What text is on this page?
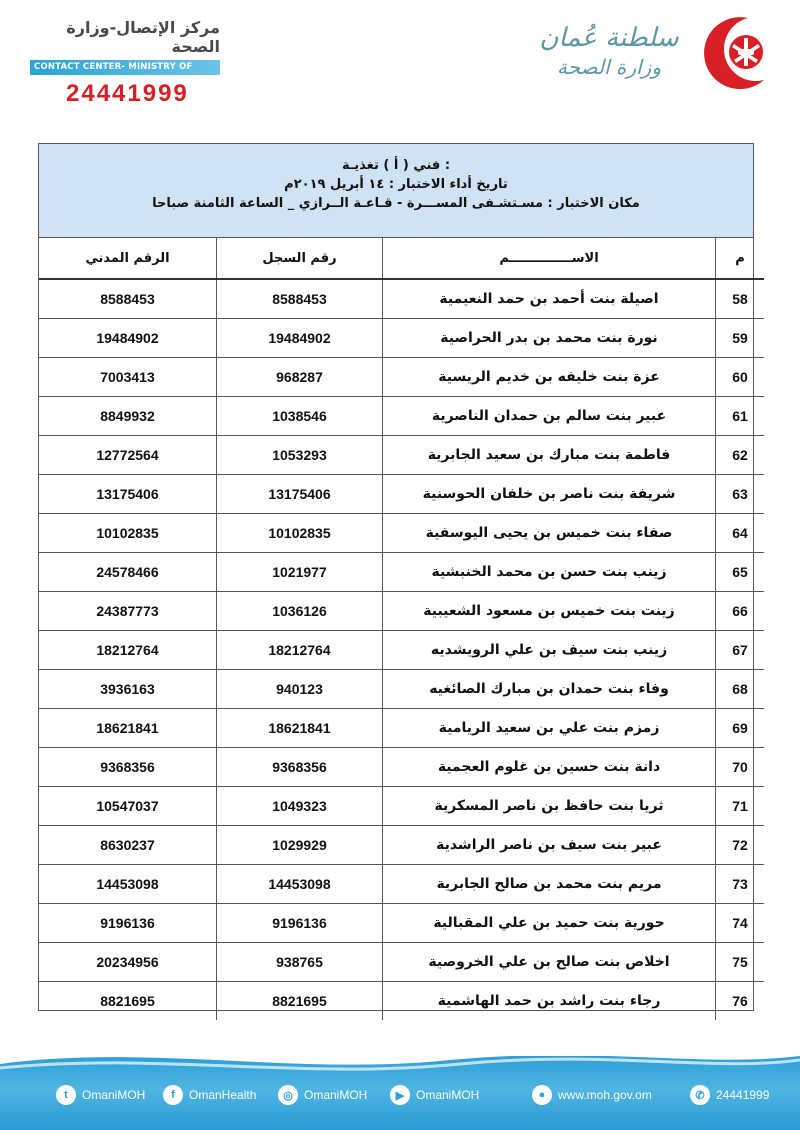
مركز الإتصال-وزارة الصحة
CONTACT CENTER- MINISTRY OF HEALTH
24441999
سلطنة عُمان
وزارة الصحة
: فني ( أ ) تغذيـة
تاريخ أداء الاختبار : ١٤ أبريل ٢٠١٩م
مكان الاختبار : مسـتشـفى المســـرة - قـاعـة الــرازي _ الساعة الثامنة صباحا
م	الاســــــــــــــم	رقم السجل	الرقم المدني
58	اصيلة بنت أحمد بن حمد النعيمية	8588453	8588453
59	نورة بنت محمد بن بدر الحراصية	19484902	19484902
60	عزة بنت خليفه بن خديم الريسية	968287	7003413
61	عبير بنت سالم بن حمدان الناصرية	1038546	8849932
62	فاطمة بنت مبارك بن سعيد الجابرية	1053293	12772564
63	شريفة بنت ناصر بن خلفان الحوسنية	13175406	13175406
64	صفاء بنت خميس بن يحيى اليوسفية	10102835	10102835
65	زينب بنت حسن بن محمد الخنبشية	1021977	24578466
66	زينت بنت خميس بن مسعود الشعيبية	1036126	24387773
67	زينب بنت سيف بن علي الرويشديه	18212764	18212764
68	وفاء بنت حمدان بن مبارك الصائغيه	940123	3936163
69	زمزم بنت علي بن سعيد الريامية	18621841	18621841
70	دانة بنت حسين بن غلوم العجمية	9368356	9368356
71	ثريا بنت حافظ بن ناصر المسكرية	1049323	10547037
72	عبير بنت سيف بن ناصر الراشدية	1029929	8630237
73	مريم بنت محمد بن صالح الجابرية	14453098	14453098
74	حورية بنت حميد بن علي المقبالية	9196136	9196136
75	اخلاص بنت صالح بن علي الخروصية	938765	20234956
76	رجاء بنت راشد بن حمد الهاشمية	8821695	8821695
t	OmaniMOH	f	OmanHealth	◎ OmaniMOH	▶ OmaniMOH	●	www.moh.gov.om	✆ 24441999
